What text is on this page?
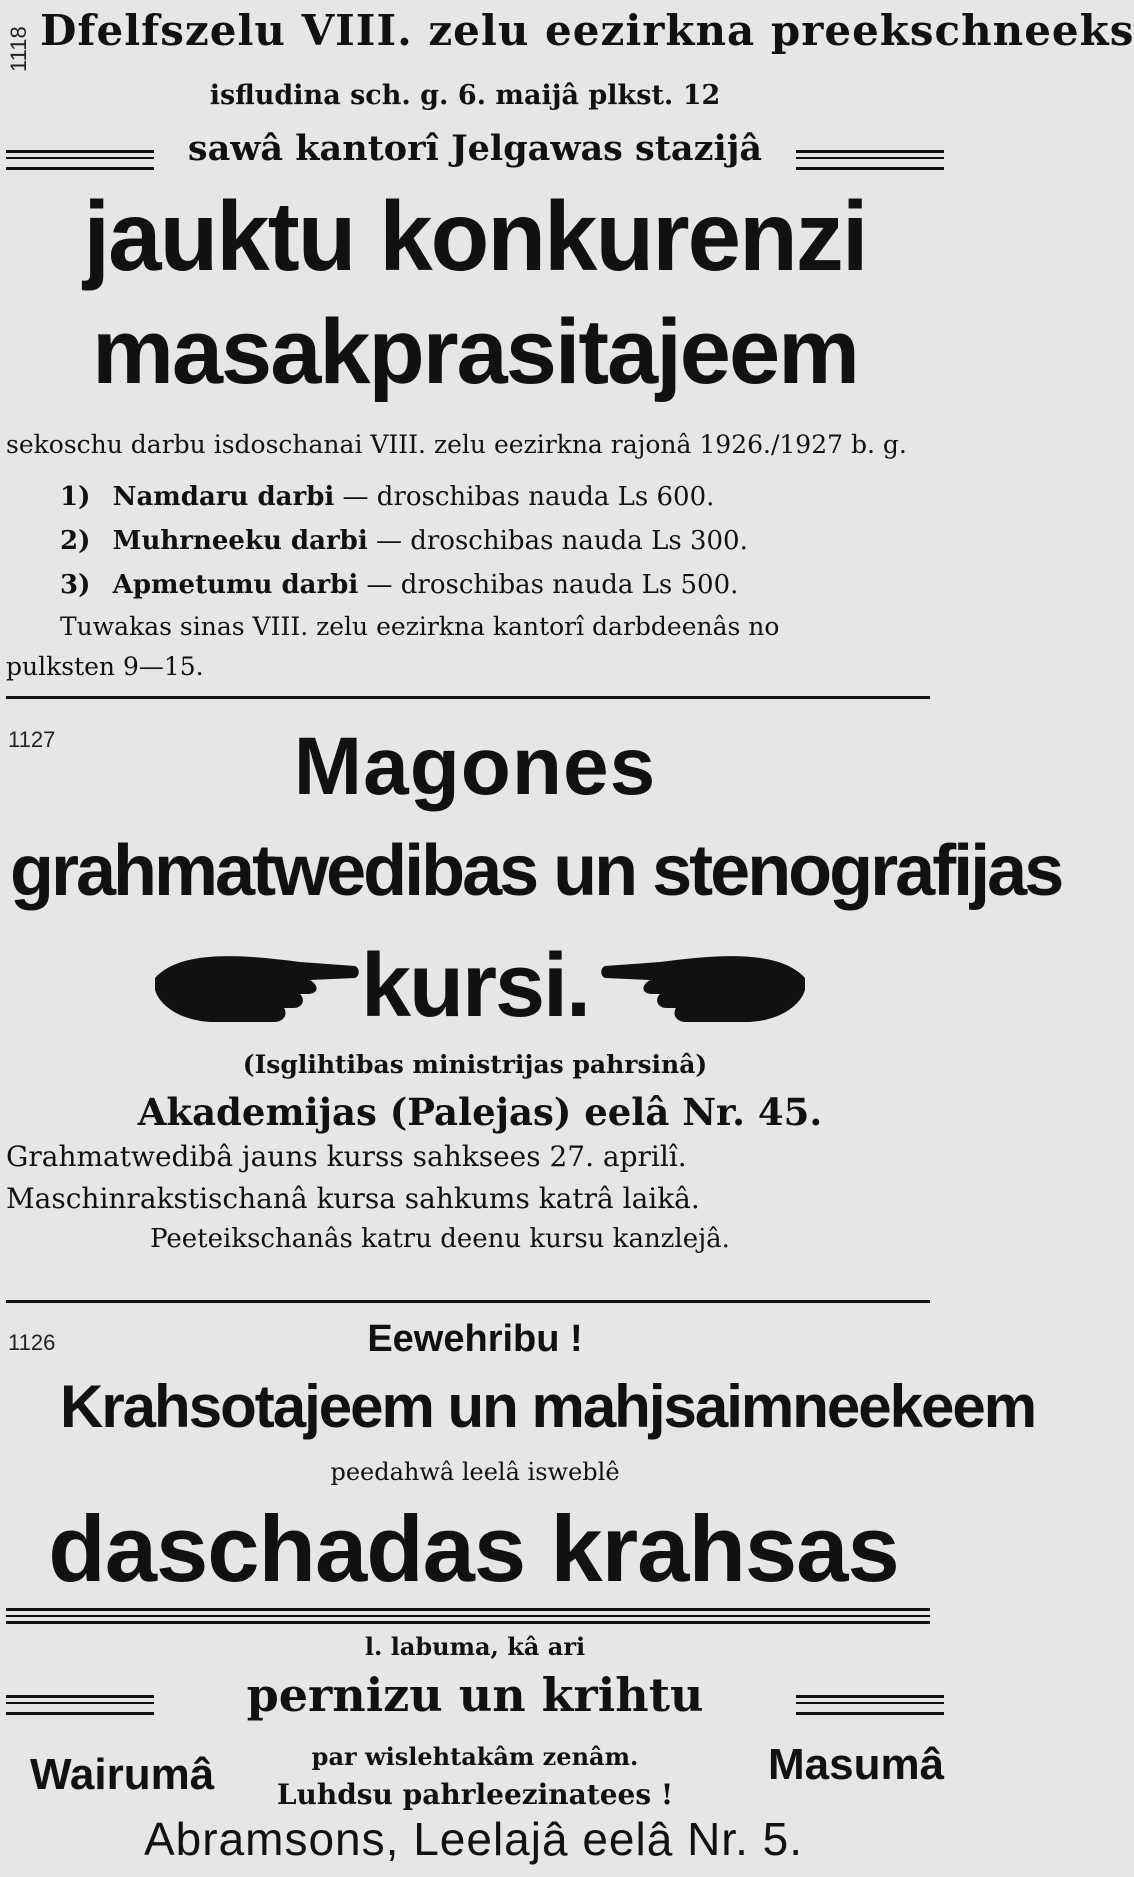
1118 Dfelfszelu VIII. zelu eezirkna preekschneeks
isfludina sch. g. 6. maijâ plkst. 12
sawâ kantorî Jelgawas stazijâ
jauktu konkurenzi
masakprasitajeem
sekoschu darbu isdoschanai VIII. zelu eezirkna rajonâ 1926./1927 b. g.
1) Namdaru darbi — droschibas nauda Ls 600.
2) Muhrneeku darbi — droschibas nauda Ls 300.
3) Apmetumu darbi — droschibas nauda Ls 500.
Tuwakas sinas VIII. zelu eezirkna kantorî darbdeenâs no
pulksten 9—15.
1127	Magones
grahmatwedibas un stenografijas
kursi.
(Isglihtibas ministrijas pahrsinâ)
Akademijas (Palejas) eelâ Nr. 45.
Grahmatwedibâ jauns kurss sahksees 27. aprilî.
Maschinrakstischanâ kursa sahkums katrâ laikâ.
Peeteikschanâs katru deenu kursu kanzlejâ.
1126	Eewehribu !
Krahsotajeem un mahjsaimneekeem
peedahwâ leelâ isweblê
daschadas krahsas
l. labuma, kâ ari
pernizu un krihtu
par wislehtakâm zenâm.
Luhdsu pahrleezinatees !
Wairumâ	Masumâ
Abramsons, Leelajâ eelâ Nr. 5.
